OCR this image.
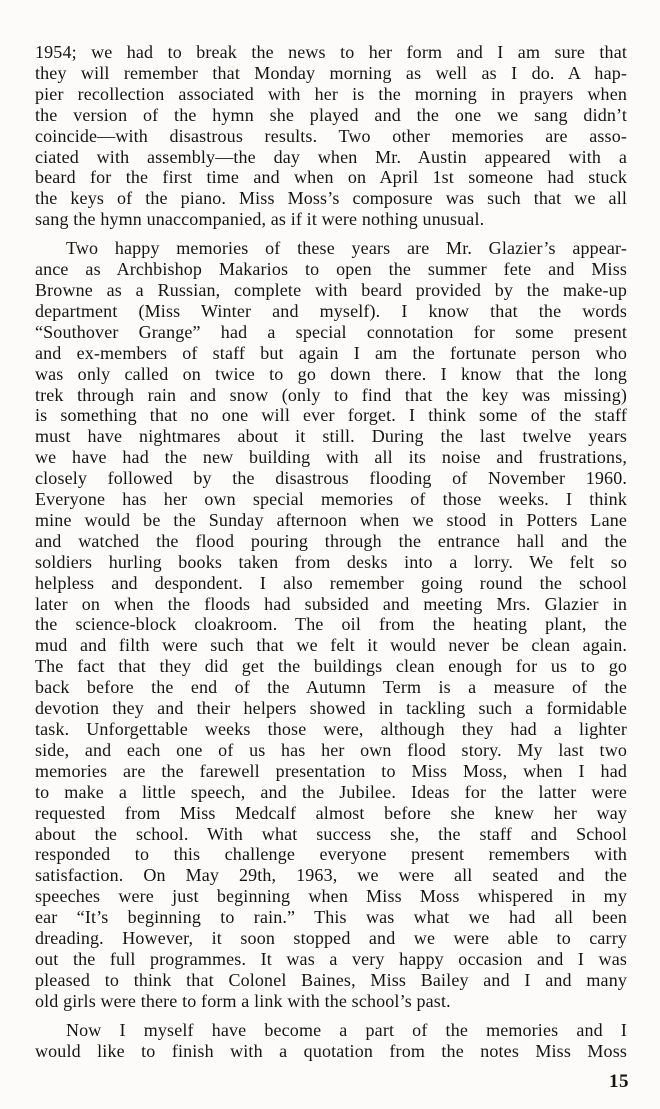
1954; we had to break the news to her form and I am sure that
they will remember that Monday morning as well as I do. A hap-
pier recollection associated with her is the morning in prayers when
the version of the hymn she played and the one we sang didn’t
coincide—with disastrous results. Two other memories are asso-
ciated with assembly—the day when Mr. Austin appeared with a
beard for the first time and when on April 1st someone had stuck
the keys of the piano. Miss Moss’s composure was such that we all
sang the hymn unaccompanied, as if it were nothing unusual.
Two happy memories of these years are Mr. Glazier’s appear-
ance as Archbishop Makarios to open the summer fete and Miss
Browne as a Russian, complete with beard provided by the make-up
department (Miss Winter and myself). I know that the words
“Southover Grange” had a special connotation for some present
and ex-members of staff but again I am the fortunate person who
was only called on twice to go down there. I know that the long
trek through rain and snow (only to find that the key was missing)
is something that no one will ever forget. I think some of the staff
must have nightmares about it still. During the last twelve years
we have had the new building with all its noise and frustrations,
closely followed by the disastrous flooding of November 1960.
Everyone has her own special memories of those weeks. I think
mine would be the Sunday afternoon when we stood in Potters Lane
and watched the flood pouring through the entrance hall and the
soldiers hurling books taken from desks into a lorry. We felt so
helpless and despondent. I also remember going round the school
later on when the floods had subsided and meeting Mrs. Glazier in
the science-block cloakroom. The oil from the heating plant, the
mud and filth were such that we felt it would never be clean again.
The fact that they did get the buildings clean enough for us to go
back before the end of the Autumn Term is a measure of the
devotion they and their helpers showed in tackling such a formidable
task. Unforgettable weeks those were, although they had a lighter
side, and each one of us has her own flood story. My last two
memories are the farewell presentation to Miss Moss, when I had
to make a little speech, and the Jubilee. Ideas for the latter were
requested from Miss Medcalf almost before she knew her way
about the school. With what success she, the staff and School
responded to this challenge everyone present remembers with
satisfaction. On May 29th, 1963, we were all seated and the
speeches were just beginning when Miss Moss whispered in my
ear “It’s beginning to rain.” This was what we had all been
dreading. However, it soon stopped and we were able to carry
out the full programmes. It was a very happy occasion and I was
pleased to think that Colonel Baines, Miss Bailey and I and many
old girls were there to form a link with the school’s past.
Now I myself have become a part of the memories and I
would like to finish with a quotation from the notes Miss Moss
15
